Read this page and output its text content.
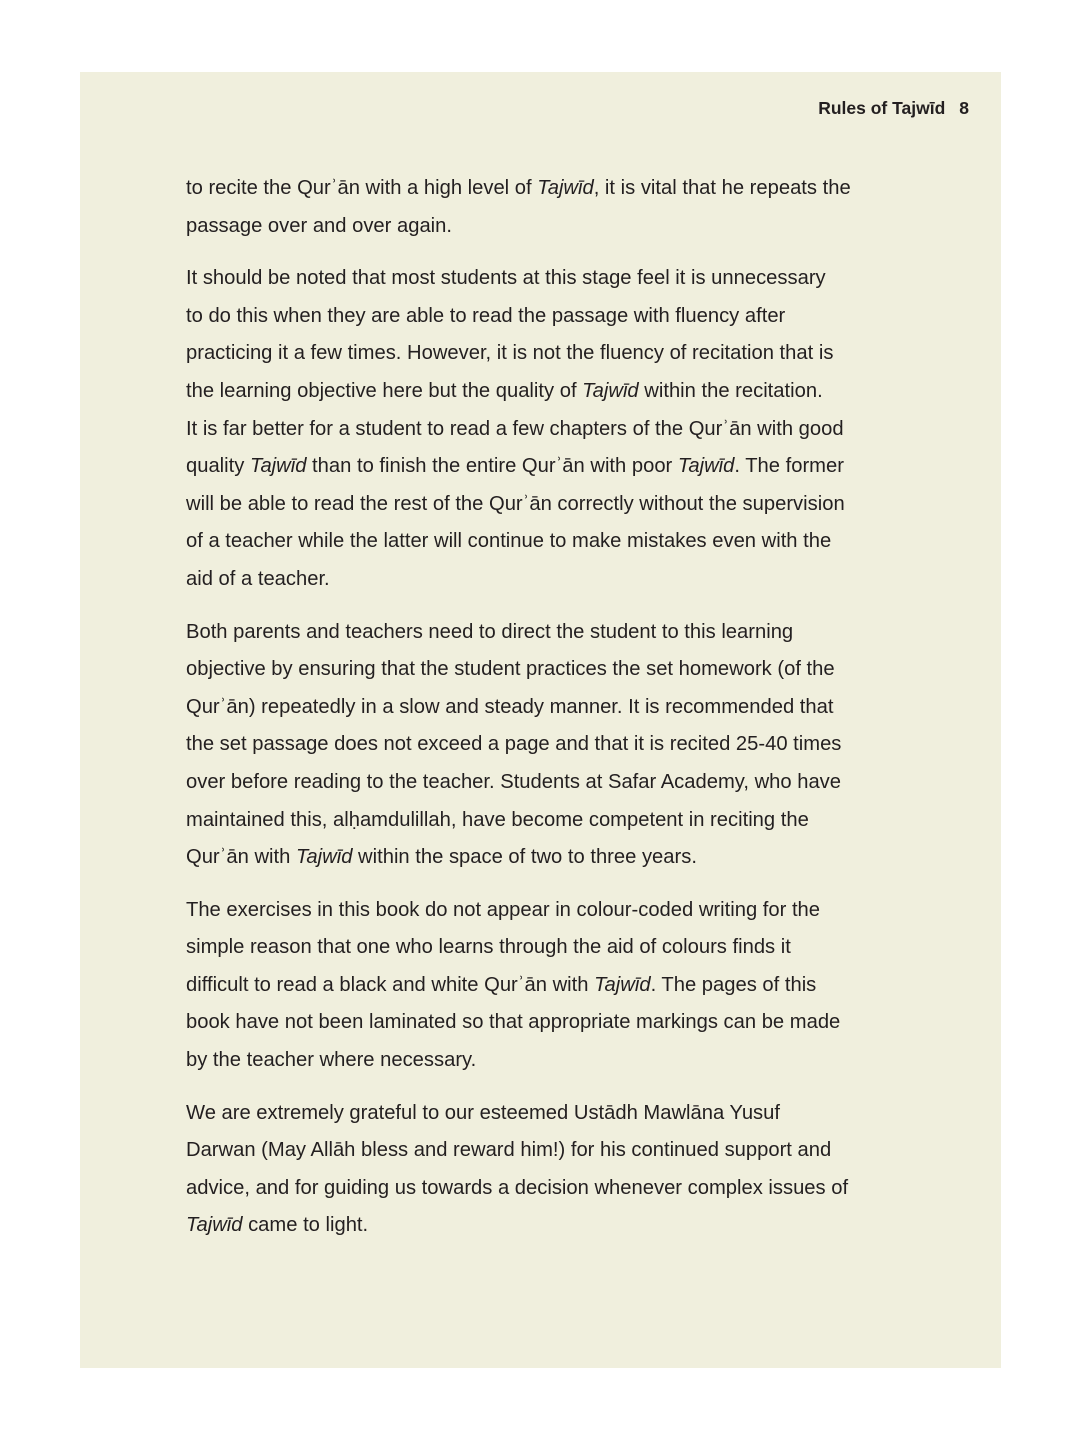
Rules of Tajwīd 8

to recite the Qurʾān with a high level of Tajwīd, it is vital that he repeats the
passage over and over again.

It should be noted that most students at this stage feel it is unnecessary
to do this when they are able to read the passage with fluency after
practicing it a few times. However, it is not the fluency of recitation that is
the learning objective here but the quality of Tajwīd within the recitation.
It is far better for a student to read a few chapters of the Qurʾān with good
quality Tajwīd than to finish the entire Qurʾān with poor Tajwīd. The former
will be able to read the rest of the Qurʾān correctly without the supervision
of a teacher while the latter will continue to make mistakes even with the
aid of a teacher.

Both parents and teachers need to direct the student to this learning
objective by ensuring that the student practices the set homework (of the
Qurʾān) repeatedly in a slow and steady manner. It is recommended that
the set passage does not exceed a page and that it is recited 25-40 times
over before reading to the teacher. Students at Safar Academy, who have
maintained this, alḥamdulillah, have become competent in reciting the
Qurʾān with Tajwīd within the space of two to three years.

The exercises in this book do not appear in colour-coded writing for the
simple reason that one who learns through the aid of colours finds it
difficult to read a black and white Qurʾān with Tajwīd. The pages of this
book have not been laminated so that appropriate markings can be made
by the teacher where necessary.

We are extremely grateful to our esteemed Ustādh Mawlāna Yusuf
Darwan (May Allāh bless and reward him!) for his continued support and
advice, and for guiding us towards a decision whenever complex issues of
Tajwīd came to light.
